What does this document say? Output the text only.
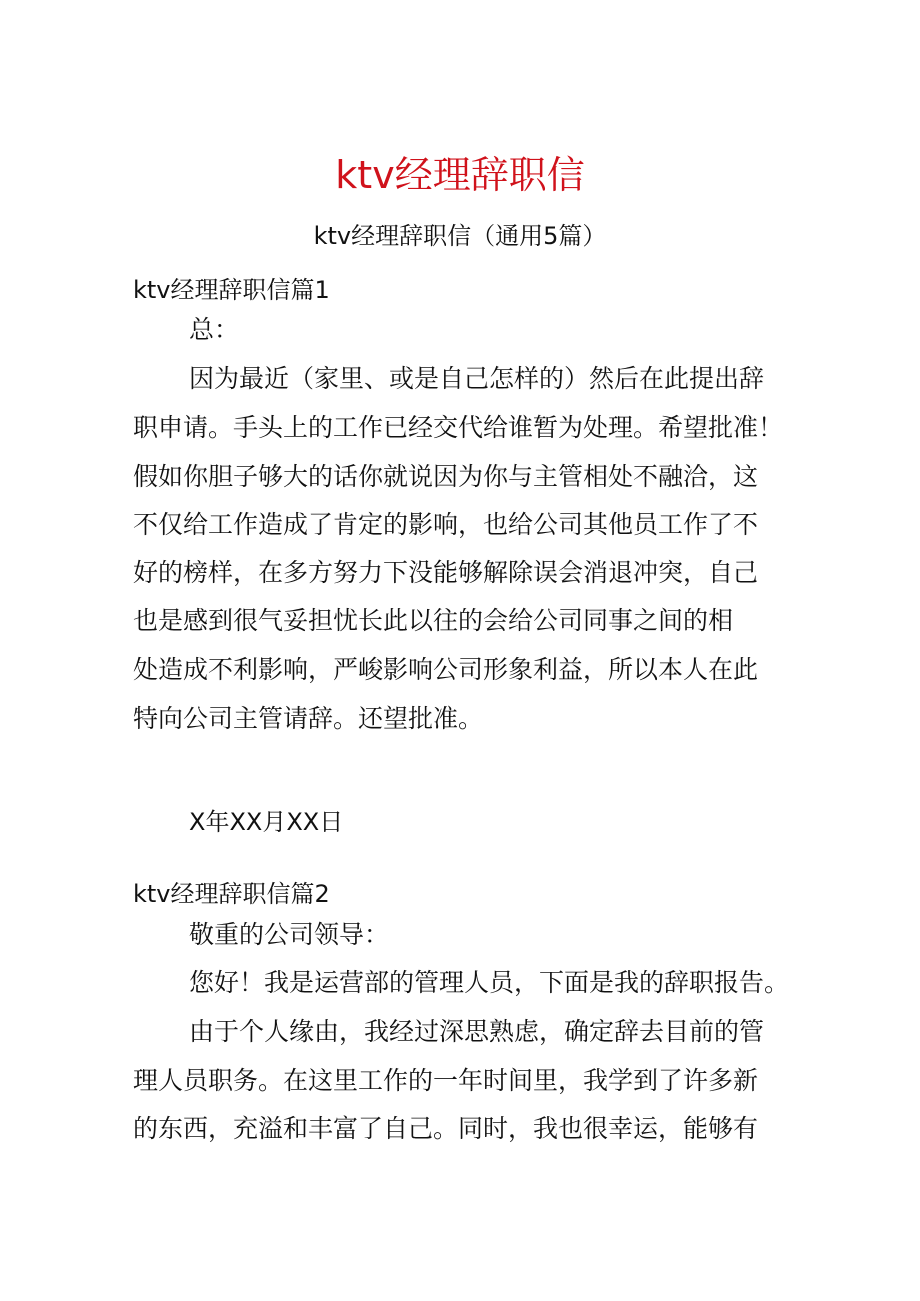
ktv经理辞职信
ktv经理辞职信（通用5篇）
ktv经理辞职信篇1
总：
因为最近（家里、或是自己怎样的）然后在此提出辞
职申请。手头上的工作已经交代给谁暂为处理。希望批准！
假如你胆子够大的话你就说因为你与主管相处不融洽，这
不仅给工作造成了肯定的影响，也给公司其他员工作了不
好的榜样，在多方努力下没能够解除误会消退冲突，自己
也是感到很气妥担忧长此以往的会给公司同事之间的相
处造成不利影响，严峻影响公司形象利益，所以本人在此
特向公司主管请辞。还望批准。
X年XX月XX日
ktv经理辞职信篇2
敬重的公司领导：
您好！我是运营部的管理人员，下面是我的辞职报告。
由于个人缘由，我经过深思熟虑，确定辞去目前的管
理人员职务。在这里工作的一年时间里，我学到了许多新
的东西，充溢和丰富了自己。同时，我也很幸运，能够有
